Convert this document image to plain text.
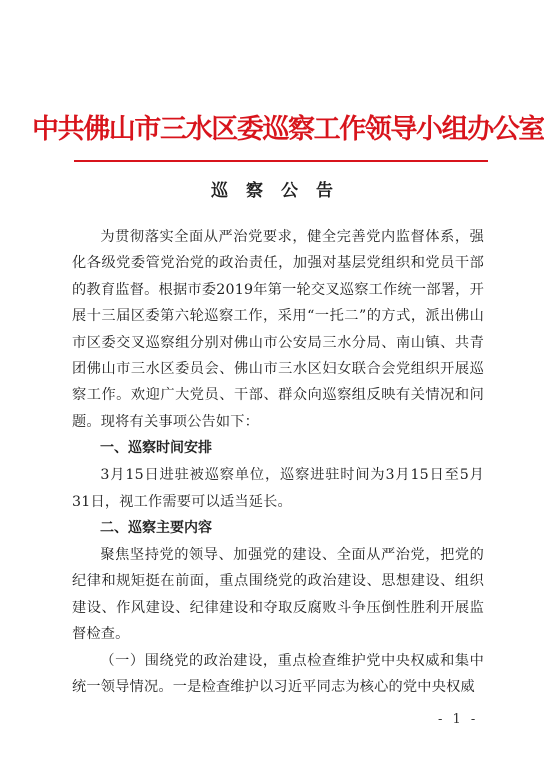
中共佛山市三水区委巡察工作领导小组办公室
巡察公告

为贯彻落实全面从严治党要求，健全完善党内监督体系，强化各级党委管党治党的政治责任，加强对基层党组织和党员干部的教育监督。根据市委2019年第一轮交叉巡察工作统一部署，开展十三届区委第六轮巡察工作，采用“一托二”的方式，派出佛山市区委交叉巡察组分别对佛山市公安局三水分局、南山镇、共青团佛山市三水区委员会、佛山市三水区妇女联合会党组织开展巡察工作。欢迎广大党员、干部、群众向巡察组反映有关情况和问题。现将有关事项公告如下：

一、巡察时间安排

3月15日进驻被巡察单位，巡察进驻时间为3月15日至5月31日，视工作需要可以适当延长。

二、巡察主要内容

聚焦坚持党的领导、加强党的建设、全面从严治党，把党的纪律和规矩挺在前面，重点围绕党的政治建设、思想建设、组织建设、作风建设、纪律建设和夺取反腐败斗争压倒性胜利开展监督检查。

（一）围绕党的政治建设，重点检查维护党中央权威和集中统一领导情况。一是检查维护以习近平同志为核心的党中央权威

- 1 -
